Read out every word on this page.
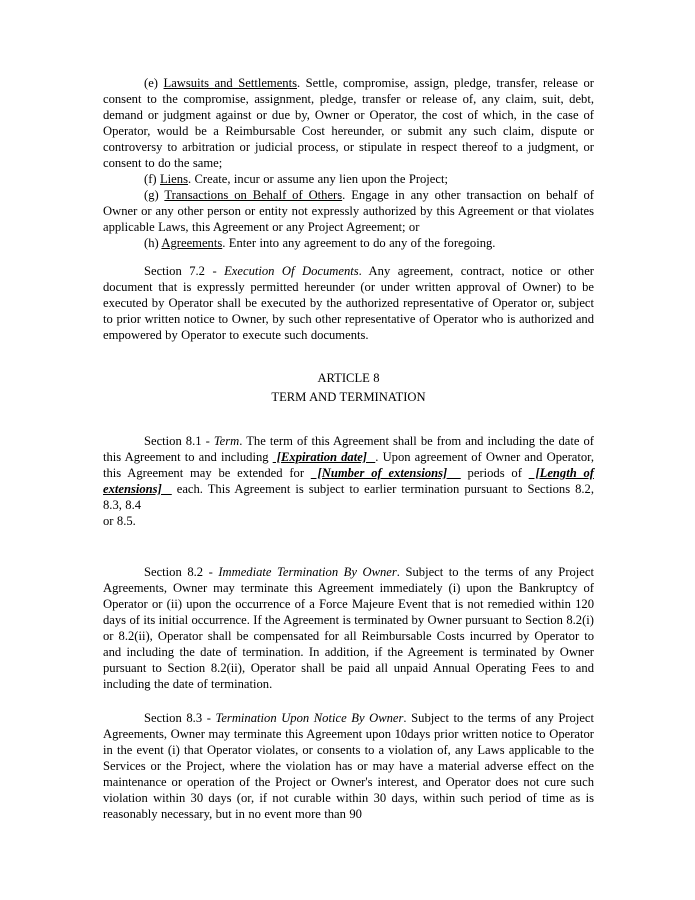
(e) Lawsuits and Settlements. Settle, compromise, assign, pledge, transfer, release or consent to the compromise, assignment, pledge, transfer or release of, any claim, suit, debt, demand or judgment against or due by, Owner or Operator, the cost of which, in the case of Operator, would be a Reimbursable Cost hereunder, or submit any such claim, dispute or controversy to arbitration or judicial process, or stipulate in respect thereof to a judgment, or consent to do the same;

(f) Liens. Create, incur or assume any lien upon the Project;

(g) Transactions on Behalf of Others. Engage in any other transaction on behalf of Owner or any other person or entity not expressly authorized by this Agreement or that violates applicable Laws, this Agreement or any Project Agreement; or

(h) Agreements. Enter into any agreement to do any of the foregoing.

Section 7.2 - Execution Of Documents. Any agreement, contract, notice or other document that is expressly permitted hereunder (or under written approval of Owner) to be executed by Operator shall be executed by the authorized representative of Operator or, subject to prior written notice to Owner, by such other representative of Operator who is authorized and empowered by Operator to execute such documents.

ARTICLE 8

TERM AND TERMINATION

Section 8.1 - Term. The term of this Agreement shall be from and including the date of this Agreement to and including  [Expiration date]  . Upon agreement of Owner and Operator, this Agreement may be extended for  [Number of extensions]   periods of  [Length of extensions]   each. This Agreement is subject to earlier termination pursuant to Sections 8.2, 8.3, 8.4
or 8.5.

Section 8.2 - Immediate Termination By Owner. Subject to the terms of any Project Agreements, Owner may terminate this Agreement immediately (i) upon the Bankruptcy of Operator or (ii) upon the occurrence of a Force Majeure Event that is not remedied within 120 days of its initial occurrence. If the Agreement is terminated by Owner pursuant to Section 8.2(i) or 8.2(ii), Operator shall be compensated for all Reimbursable Costs incurred by Operator to and including the date of termination. In addition, if the Agreement is terminated by Owner pursuant to Section 8.2(ii), Operator shall be paid all unpaid Annual Operating Fees to and including the date of termination.

Section 8.3 - Termination Upon Notice By Owner. Subject to the terms of any Project Agreements, Owner may terminate this Agreement upon 10days prior written notice to Operator in the event (i) that Operator violates, or consents to a violation of, any Laws applicable to the Services or the Project, where the violation has or may have a material adverse effect on the maintenance or operation of the Project or Owner's interest, and Operator does not cure such violation within 30 days (or, if not curable within 30 days, within such period of time as is reasonably necessary, but in no event more than 90
